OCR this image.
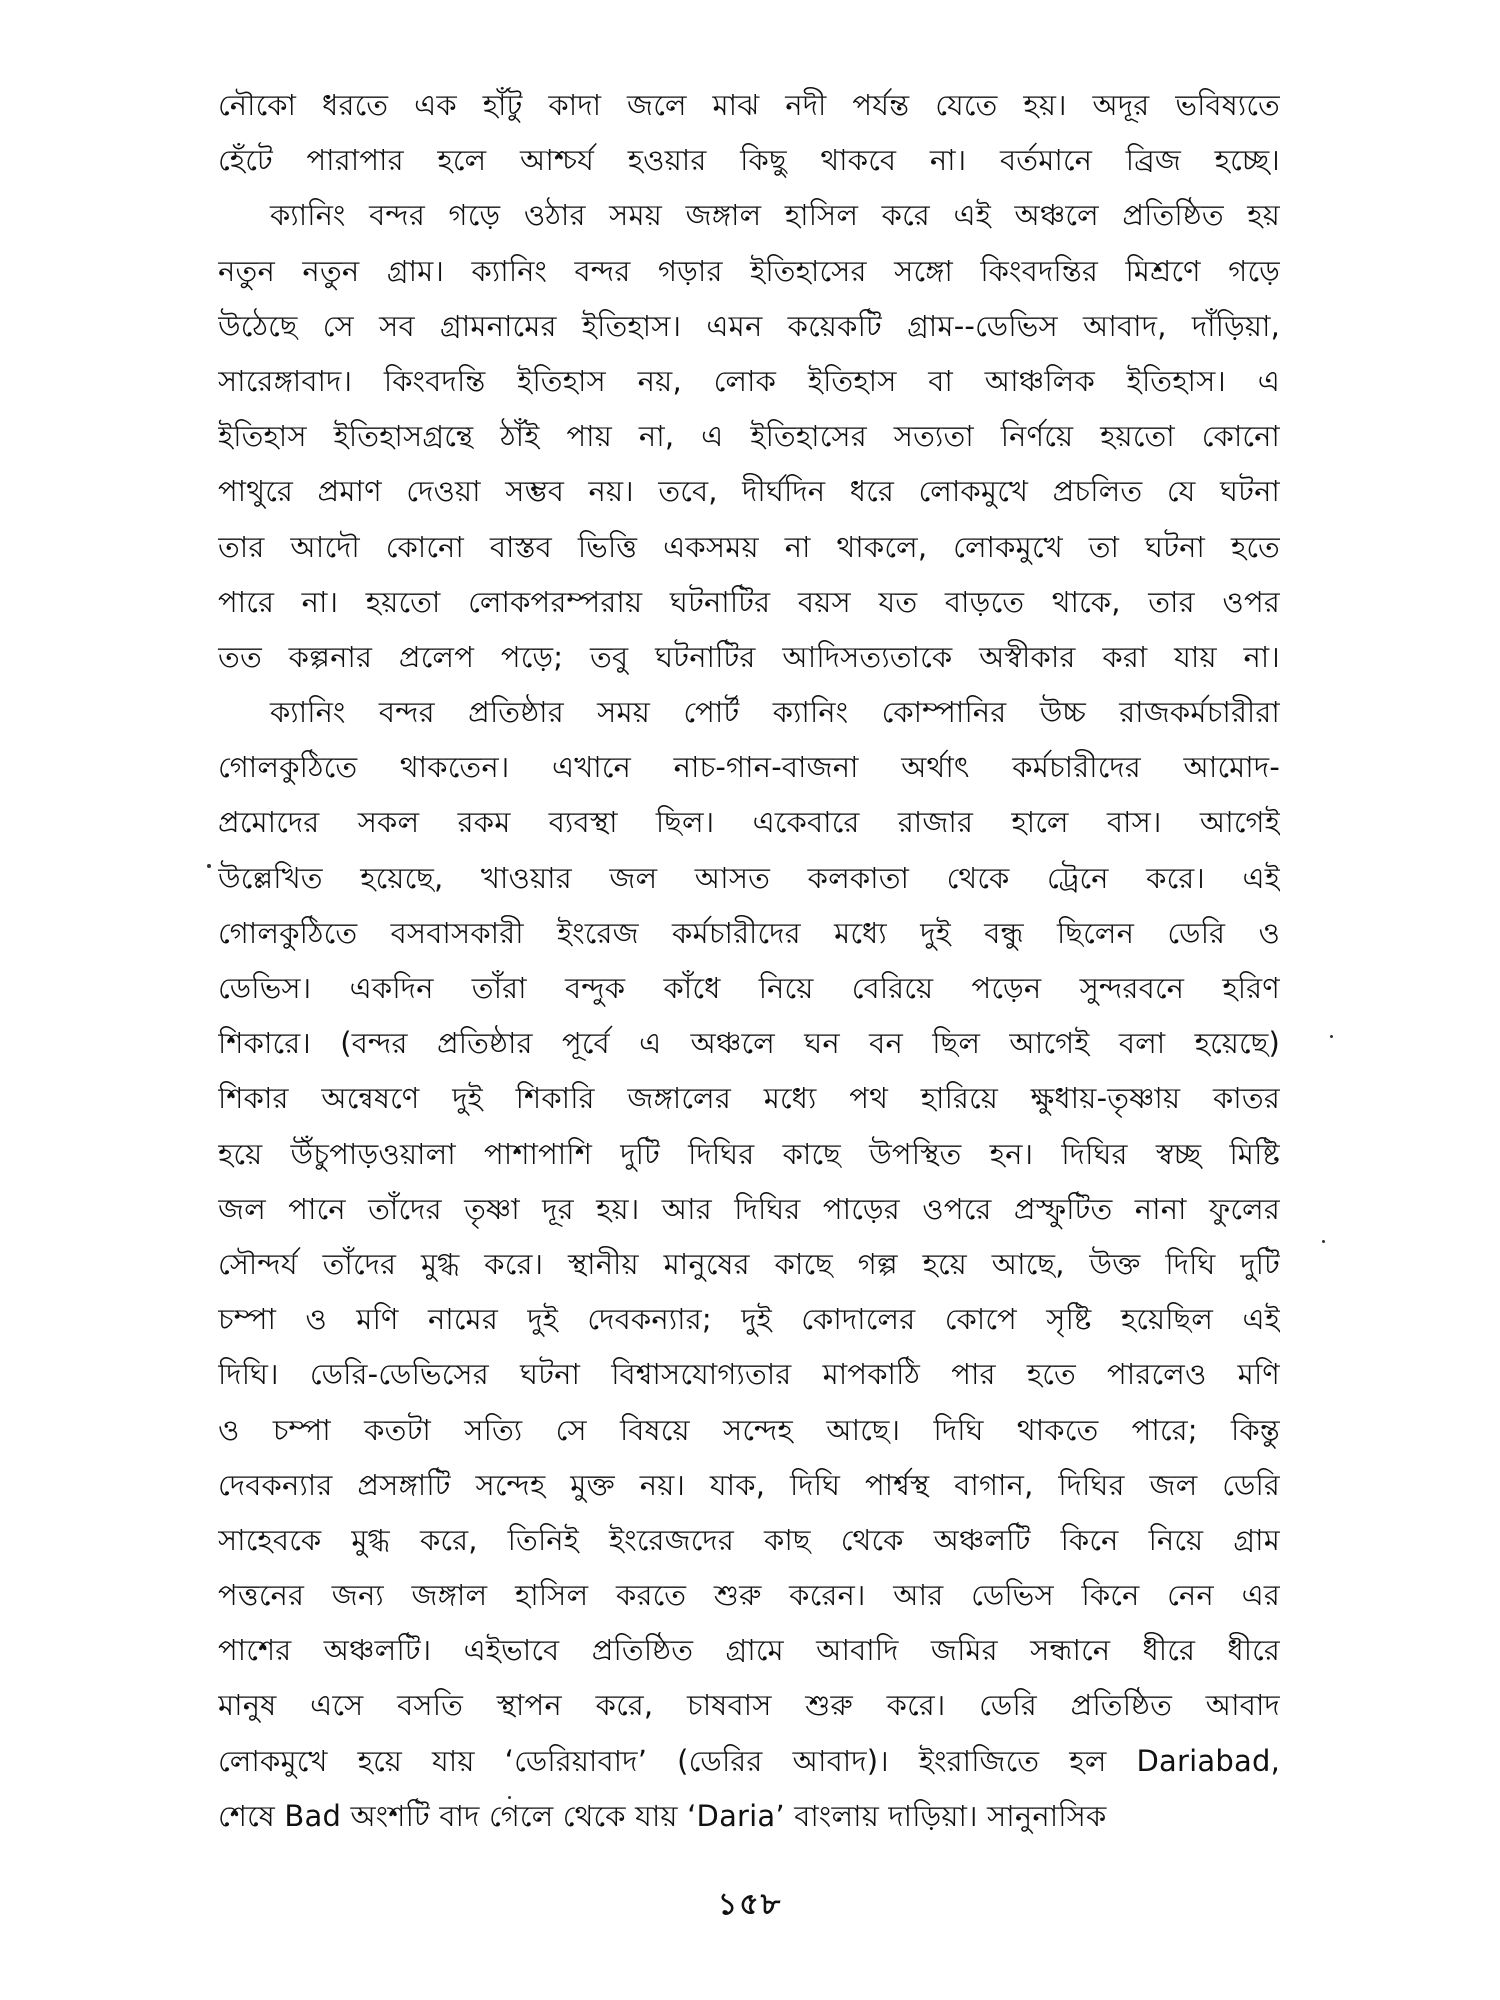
নৌকো ধরতে এক হাঁটু কাদা জলে মাঝ নদী পর্যন্ত যেতে হয়। অদূর ভবিষ্যতে
হেঁটে পারাপার হলে আশ্চর্য হওয়ার কিছু থাকবে না। বর্তমানে ব্রিজ হচ্ছে।
ক্যানিং বন্দর গড়ে ওঠার সময় জঙ্গাল হাসিল করে এই অঞ্চলে প্রতিষ্ঠিত হয়
নতুন নতুন গ্রাম। ক্যানিং বন্দর গড়ার ইতিহাসের সঙ্গো কিংবদন্তির মিশ্রণে গড়ে
উঠেছে সে সব গ্রামনামের ইতিহাস। এমন কয়েকটি গ্রাম--ডেভিস আবাদ, দাঁড়িয়া,
সারেঙ্গাবাদ। কিংবদন্তি ইতিহাস নয়, লোক ইতিহাস বা আঞ্চলিক ইতিহাস। এ
ইতিহাস ইতিহাসগ্রন্থে ঠাঁই পায় না, এ ইতিহাসের সত্যতা নির্ণয়ে হয়তো কোনো
পাথুরে প্রমাণ দেওয়া সম্ভব নয়। তবে, দীর্ঘদিন ধরে লোকমুখে প্রচলিত যে ঘটনা
তার আদৌ কোনো বাস্তব ভিত্তি একসময় না থাকলে, লোকমুখে তা ঘটনা হতে
পারে না। হয়তো লোকপরম্পরায় ঘটনাটির বয়স যত বাড়তে থাকে, তার ওপর
তত কল্পনার প্রলেপ পড়ে; তবু ঘটনাটির আদিসত্যতাকে অস্বীকার করা যায় না।
ক্যানিং বন্দর প্রতিষ্ঠার সময় পোর্ট ক্যানিং কোম্পানির উচ্চ রাজকর্মচারীরা
গোলকুঠিতে থাকতেন। এখানে নাচ-গান-বাজনা অর্থাৎ কর্মচারীদের আমোদ-
প্রমোদের সকল রকম ব্যবস্থা ছিল। একেবারে রাজার হালে বাস। আগেই
উল্লেখিত হয়েছে, খাওয়ার জল আসত কলকাতা থেকে ট্রেনে করে। এই
গোলকুঠিতে বসবাসকারী ইংরেজ কর্মচারীদের মধ্যে দুই বন্ধু ছিলেন ডেরি ও
ডেভিস। একদিন তাঁরা বন্দুক কাঁধে নিয়ে বেরিয়ে পড়েন সুন্দরবনে হরিণ
শিকারে। (বন্দর প্রতিষ্ঠার পূর্বে এ অঞ্চলে ঘন বন ছিল আগেই বলা হয়েছে)
শিকার অন্বেষণে দুই শিকারি জঙ্গালের মধ্যে পথ হারিয়ে ক্ষুধায়-তৃষ্ণায় কাতর
হয়ে উঁচুপাড়ওয়ালা পাশাপাশি দুটি দিঘির কাছে উপস্থিত হন। দিঘির স্বচ্ছ মিষ্টি
জল পানে তাঁদের তৃষ্ণা দূর হয়। আর দিঘির পাড়ের ওপরে প্রস্ফুটিত নানা ফুলের
সৌন্দর্য তাঁদের মুগ্ধ করে। স্থানীয় মানুষের কাছে গল্প হয়ে আছে, উক্ত দিঘি দুটি
চম্পা ও মণি নামের দুই দেবকন্যার; দুই কোদালের কোপে সৃষ্টি হয়েছিল এই
দিঘি। ডেরি-ডেভিসের ঘটনা বিশ্বাসযোগ্যতার মাপকাঠি পার হতে পারলেও মণি
ও চম্পা কতটা সত্যি সে বিষয়ে সন্দেহ আছে। দিঘি থাকতে পারে; কিন্তু
দেবকন্যার প্রসঙ্গাটি সন্দেহ মুক্ত নয়। যাক, দিঘি পার্শ্বস্থ বাগান, দিঘির জল ডেরি
সাহেবকে মুগ্ধ করে, তিনিই ইংরেজদের কাছ থেকে অঞ্চলটি কিনে নিয়ে গ্রাম
পত্তনের জন্য জঙ্গাল হাসিল করতে শুরু করেন। আর ডেভিস কিনে নেন এর
পাশের অঞ্চলটি। এইভাবে প্রতিষ্ঠিত গ্রামে আবাদি জমির সন্ধানে ধীরে ধীরে
মানুষ এসে বসতি স্থাপন করে, চাষবাস শুরু করে। ডেরি প্রতিষ্ঠিত আবাদ
লোকমুখে হয়ে যায় ‘ডেরিয়াবাদ’ (ডেরির আবাদ)। ইংরাজিতে হল Dariabad,
শেষে Bad অংশটি বাদ গেলে থেকে যায় ‘Daria’ বাংলায় দাড়িয়া। সানুনাসিক
১৫৮
